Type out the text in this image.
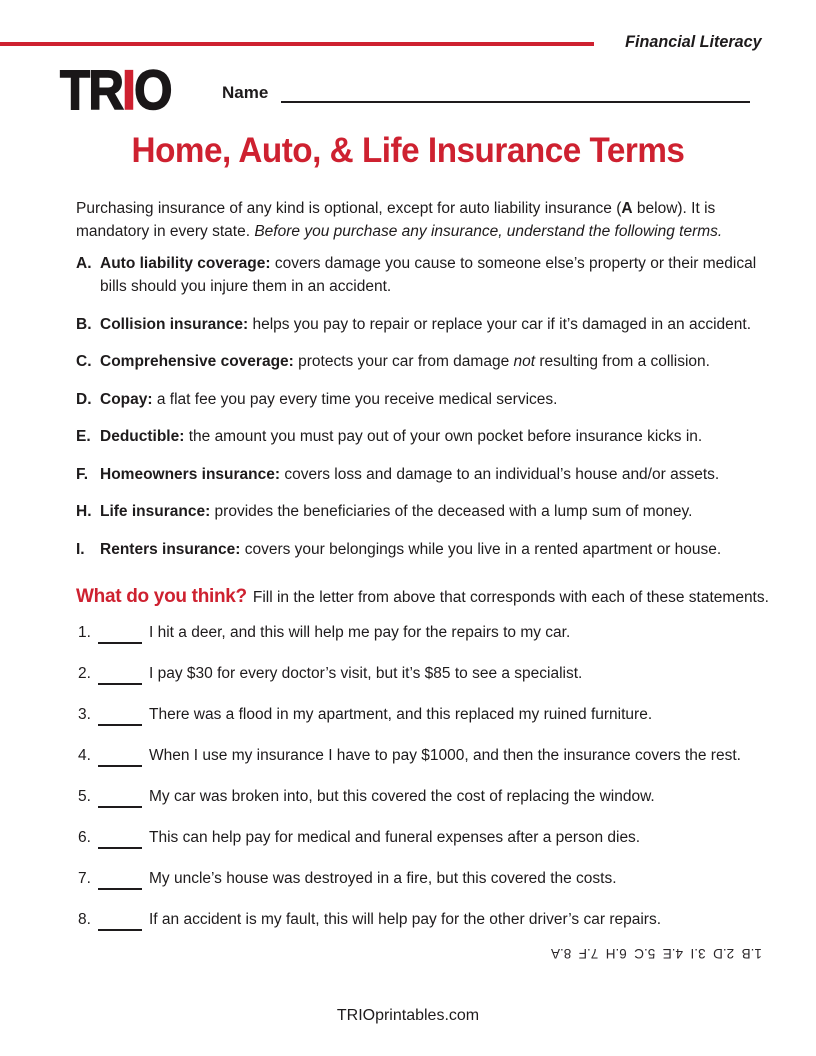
Financial Literacy
TRIO	Name
Home, Auto, & Life Insurance Terms

Purchasing insurance of any kind is optional, except for auto liability insurance (A below). It is
mandatory in every state. Before you purchase any insurance, understand the following terms.

A. Auto liability coverage: covers damage you cause to someone else’s property or their medical
bills should you injure them in an accident.
B. Collision insurance: helps you pay to repair or replace your car if it’s damaged in an accident.
C. Comprehensive coverage: protects your car from damage not resulting from a collision.
D. Copay: a flat fee you pay every time you receive medical services.
E. Deductible: the amount you must pay out of your own pocket before insurance kicks in.
F. Homeowners insurance: covers loss and damage to an individual’s house and/or assets.
H. Life insurance: provides the beneficiaries of the deceased with a lump sum of money.
I. Renters insurance: covers your belongings while you live in a rented apartment or house.
What do you think? Fill in the letter from above that corresponds with each of these statements.
1.	I hit a deer, and this will help me pay for the repairs to my car.
2.	I pay $30 for every doctor’s visit, but it’s $85 to see a specialist.
3.	There was a flood in my apartment, and this replaced my ruined furniture.
4.	When I use my insurance I have to pay $1000, and then the insurance covers the rest.
5.	My car was broken into, but this covered the cost of replacing the window.
6.	This can help pay for medical and funeral expenses after a person dies.
7.	My uncle’s house was destroyed in a fire, but this covered the costs.
8.	If an accident is my fault, this will help pay for the other driver’s car repairs.
1.B  2.D  3.I  4.E  5.C  6.H  7.F  8.A
TRIOprintables.com
